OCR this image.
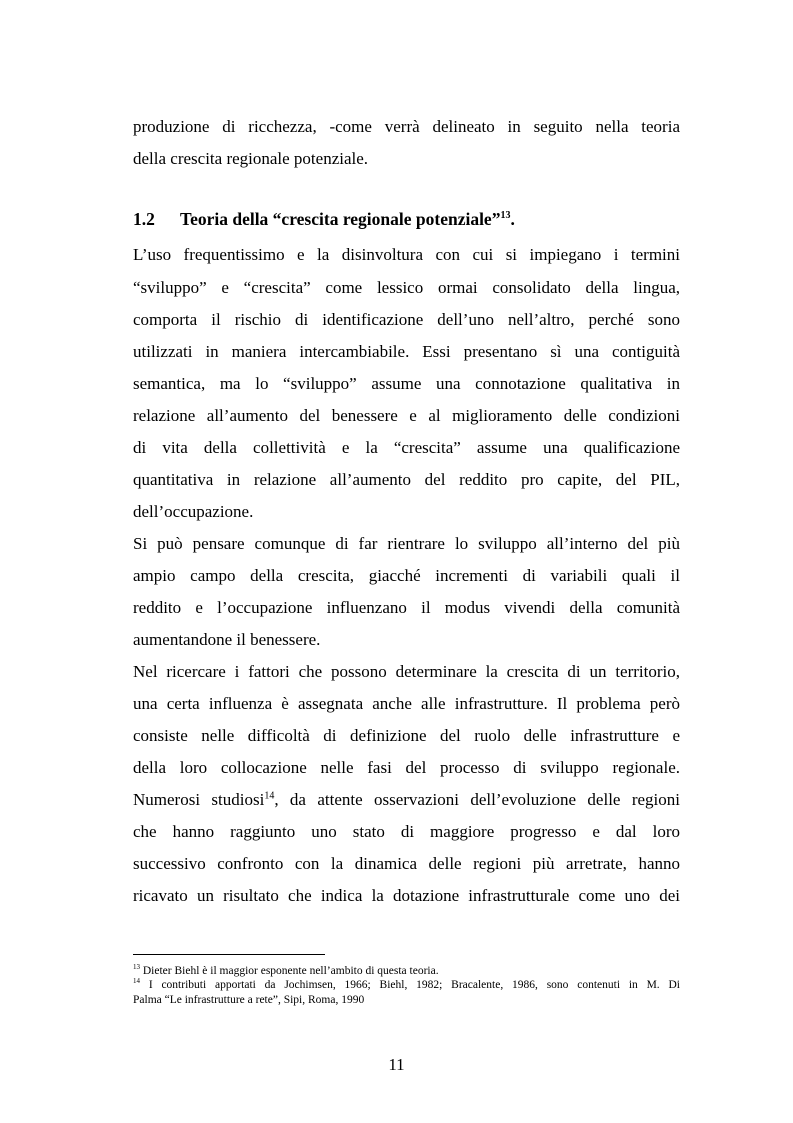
produzione di ricchezza, -come verrà delineato in seguito nella teoria
della crescita regionale potenziale.
1.2 Teoria della “crescita regionale potenziale”$^{13}$.
L’uso frequentissimo e la disinvoltura con cui si impiegano i termini
“sviluppo” e “crescita” come lessico ormai consolidato della lingua,
comporta il rischio di identificazione dell’uno nell’altro, perché sono
utilizzati in maniera intercambiabile. Essi presentano sì una contiguità
semantica, ma lo “sviluppo” assume una connotazione qualitativa in
relazione all’aumento del benessere e al miglioramento delle condizioni
di vita della collettività e la “crescita” assume una qualificazione
quantitativa in relazione all’aumento del reddito pro capite, del PIL,
dell’occupazione.
Si può pensare comunque di far rientrare lo sviluppo all’interno del più
ampio campo della crescita, giacché incrementi di variabili quali il
reddito e l’occupazione influenzano il modus vivendi della comunità
aumentandone il benessere.
Nel ricercare i fattori che possono determinare la crescita di un territorio,
una certa influenza è assegnata anche alle infrastrutture. Il problema però
consiste nelle difficoltà di definizione del ruolo delle infrastrutture e
della loro collocazione nelle fasi del processo di sviluppo regionale.
Numerosi studiosi$^{14}$, da attente osservazioni dell’evoluzione delle regioni
che hanno raggiunto uno stato di maggiore progresso e dal loro
successivo confronto con la dinamica delle regioni più arretrate, hanno
ricavato un risultato che indica la dotazione infrastrutturale come uno dei
$^{13}$ Dieter Biehl è il maggior esponente nell’ambito di questa teoria.
$^{14}$ I contributi apportati da Jochimsen, 1966; Biehl, 1982; Bracalente, 1986, sono contenuti in M. Di
Palma “Le infrastrutture a rete”, Sipi, Roma, 1990
11
